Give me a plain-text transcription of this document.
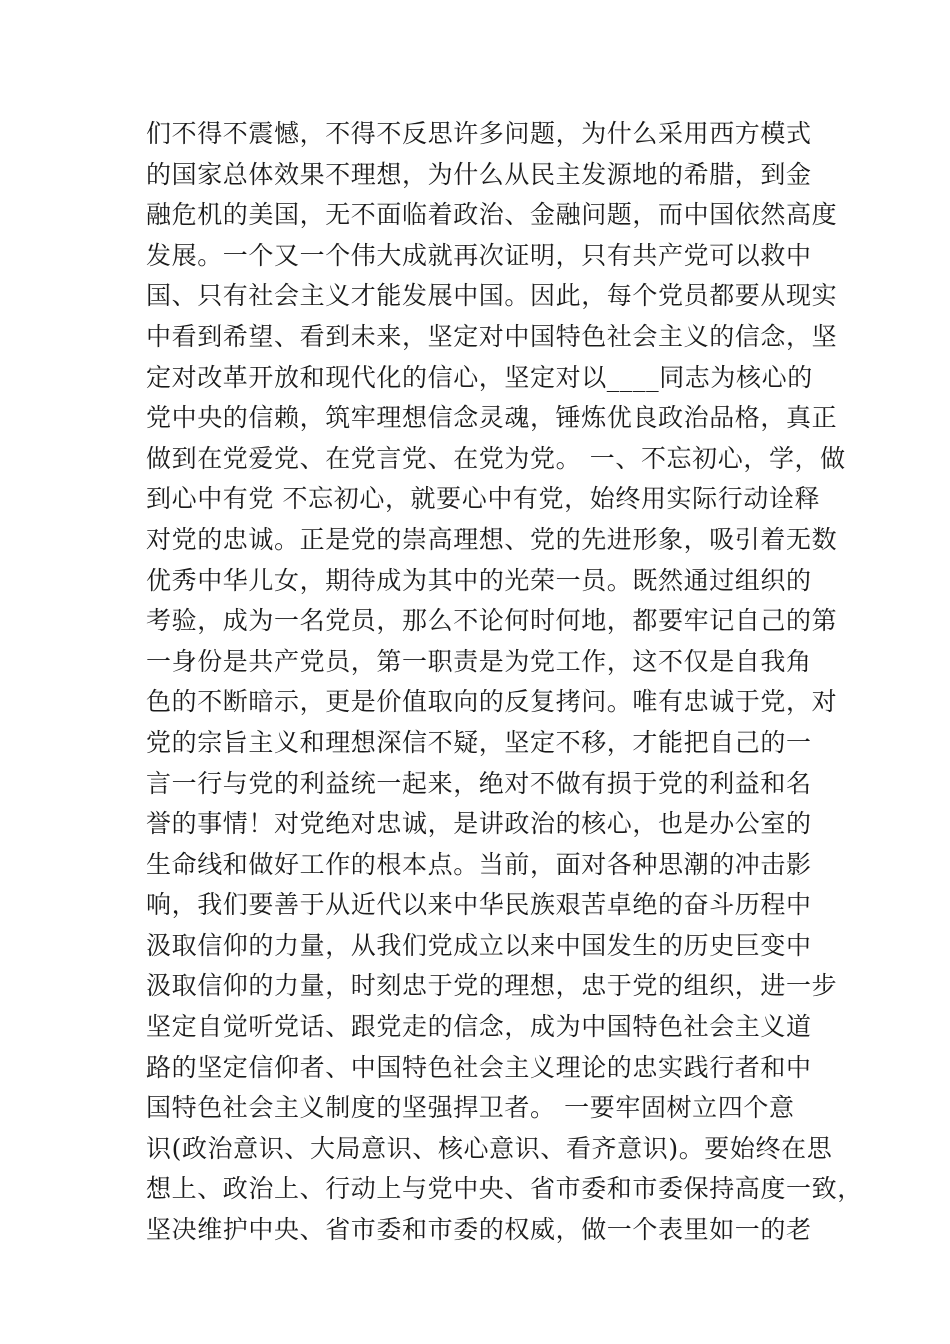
们不得不震憾，不得不反思许多问题，为什么采用西方模式
的国家总体效果不理想，为什么从民主发源地的希腊，到金
融危机的美国，无不面临着政治、金融问题，而中国依然高度
发展。一个又一个伟大成就再次证明，只有共产党可以救中
国、只有社会主义才能发展中国。因此，每个党员都要从现实
中看到希望、看到未来，坚定对中国特色社会主义的信念，坚
定对改革开放和现代化的信心，坚定对以____同志为核心的
党中央的信赖，筑牢理想信念灵魂，锤炼优良政治品格，真正
做到在党爱党、在党言党、在党为党。 一、不忘初心，学，做
到心中有党 不忘初心，就要心中有党，始终用实际行动诠释
对党的忠诚。正是党的崇高理想、党的先进形象，吸引着无数
优秀中华儿女，期待成为其中的光荣一员。既然通过组织的
考验，成为一名党员，那么不论何时何地，都要牢记自己的第
一身份是共产党员，第一职责是为党工作，这不仅是自我角
色的不断暗示，更是价值取向的反复拷问。唯有忠诚于党，对
党的宗旨主义和理想深信不疑，坚定不移，才能把自己的一
言一行与党的利益统一起来，绝对不做有损于党的利益和名
誉的事情！对党绝对忠诚，是讲政治的核心，也是办公室的
生命线和做好工作的根本点。当前，面对各种思潮的冲击影
响，我们要善于从近代以来中华民族艰苦卓绝的奋斗历程中
汲取信仰的力量，从我们党成立以来中国发生的历史巨变中
汲取信仰的力量，时刻忠于党的理想，忠于党的组织，进一步
坚定自觉听党话、跟党走的信念，成为中国特色社会主义道
路的坚定信仰者、中国特色社会主义理论的忠实践行者和中
国特色社会主义制度的坚强捍卫者。 一要牢固树立四个意
识(政治意识、大局意识、核心意识、看齐意识)。要始终在思
想上、政治上、行动上与党中央、省市委和市委保持高度一致，
坚决维护中央、省市委和市委的权威，做一个表里如一的老
